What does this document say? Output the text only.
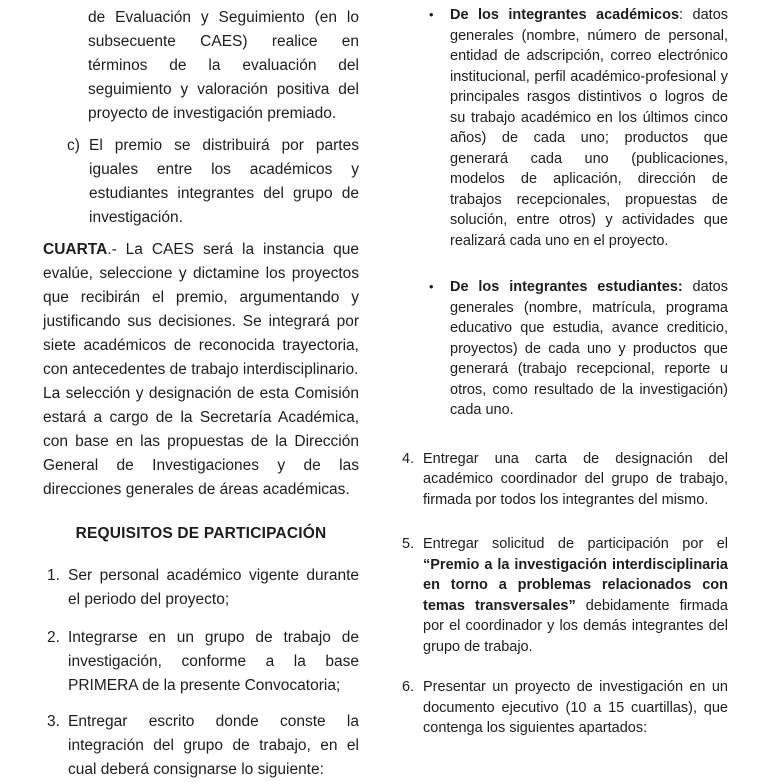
de Evaluación y Seguimiento (en lo subsecuente CAES) realice en términos de la evaluación del seguimiento y valoración positiva del proyecto de investigación premiado.

c) El premio se distribuirá por partes iguales entre los académicos y estudiantes integrantes del grupo de investigación.

CUARTA.- La CAES será la instancia que evalúe, seleccione y dictamine los proyectos que recibirán el premio, argumentando y justificando sus decisiones. Se integrará por siete académicos de reconocida trayectoria, con antecedentes de trabajo interdisciplinario.

La selección y designación de esta Comisión estará a cargo de la Secretaría Académica, con base en las propuestas de la Dirección General de Investigaciones y de las direcciones generales de áreas académicas.

REQUISITOS DE PARTICIPACIÓN
1. Ser personal académico vigente durante el periodo del proyecto;
2. Integrarse en un grupo de trabajo de investigación, conforme a la base PRIMERA de la presente Convocatoria;
3. Entregar escrito donde conste la integración del grupo de trabajo, en el cual deberá consignarse lo siguiente:
•	De los integrantes académicos: datos generales (nombre, número de personal, entidad de adscripción, correo electrónico institucional, perfil académico-profesional y principales rasgos distintivos o logros de su trabajo académico en los últimos cinco años) de cada uno; productos que generará cada uno (publicaciones, modelos de aplicación, dirección de trabajos recepcionales, propuestas de solución, entre otros) y actividades que realizará cada uno en el proyecto.
•	De los integrantes estudiantes: datos generales (nombre, matrícula, programa educativo que estudia, avance crediticio, proyectos) de cada uno y productos que generará (trabajo recepcional, reporte u otros, como resultado de la investigación) cada uno.
4. Entregar una carta de designación del académico coordinador del grupo de trabajo, firmada por todos los integrantes del mismo.
5. Entregar solicitud de participación por el “Premio a la investigación interdisciplinaria en torno a problemas relacionados con temas transversales” debidamente firmada por el coordinador y los demás integrantes del grupo de trabajo.
6. Presentar un proyecto de investigación en un documento ejecutivo (10 a 15 cuartillas), que contenga los siguientes apartados:
